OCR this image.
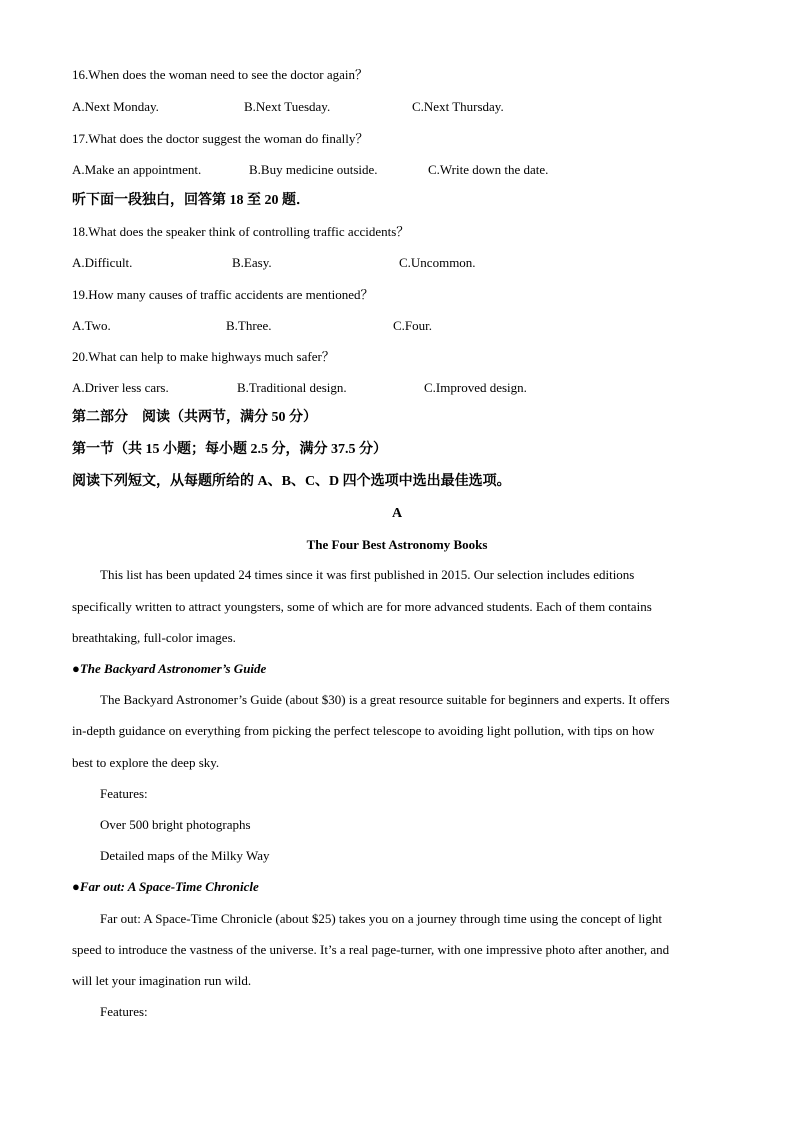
16.When does the woman need to see the doctor again？
A.Next Monday.	B.Next Tuesday.	C.Next Thursday.
17.What does the doctor suggest the woman do finally？
A.Make an appointment.	B.Buy medicine outside.	C.Write down the date.
听下面一段独白，回答第 18 至 20 题．
18.What does the speaker think of controlling traffic accidents？
A.Difficult.	B.Easy.	C.Uncommon.
19.How many causes of traffic accidents are mentioned？
A.Two.	B.Three.	C.Four.
20.What can help to make highways much safer？
A.Driver less cars.	B.Traditional design.	C.Improved design.
第二部分　阅读（共两节，满分 50 分）
第一节（共 15 小题；每小题 2.5 分，满分 37.5 分）
阅读下列短文，从每题所给的 A、B、C、D 四个选项中选出最佳选项。
A
The Four Best Astronomy Books
This list has been updated 24 times since it was first published in 2015. Our selection includes editions
specifically written to attract youngsters, some of which are for more advanced students. Each of them contains
breathtaking, full-color images.
●The Backyard Astronomer’s Guide
The Backyard Astronomer’s Guide (about $30) is a great resource suitable for beginners and experts. It offers
in-depth guidance on everything from picking the perfect telescope to avoiding light pollution, with tips on how
best to explore the deep sky.
Features:
Over 500 bright photographs
Detailed maps of the Milky Way
●Far out: A Space-Time Chronicle
Far out: A Space-Time Chronicle (about $25) takes you on a journey through time using the concept of light
speed to introduce the vastness of the universe. It’s a real page-turner, with one impressive photo after another, and
will let your imagination run wild.
Features:
